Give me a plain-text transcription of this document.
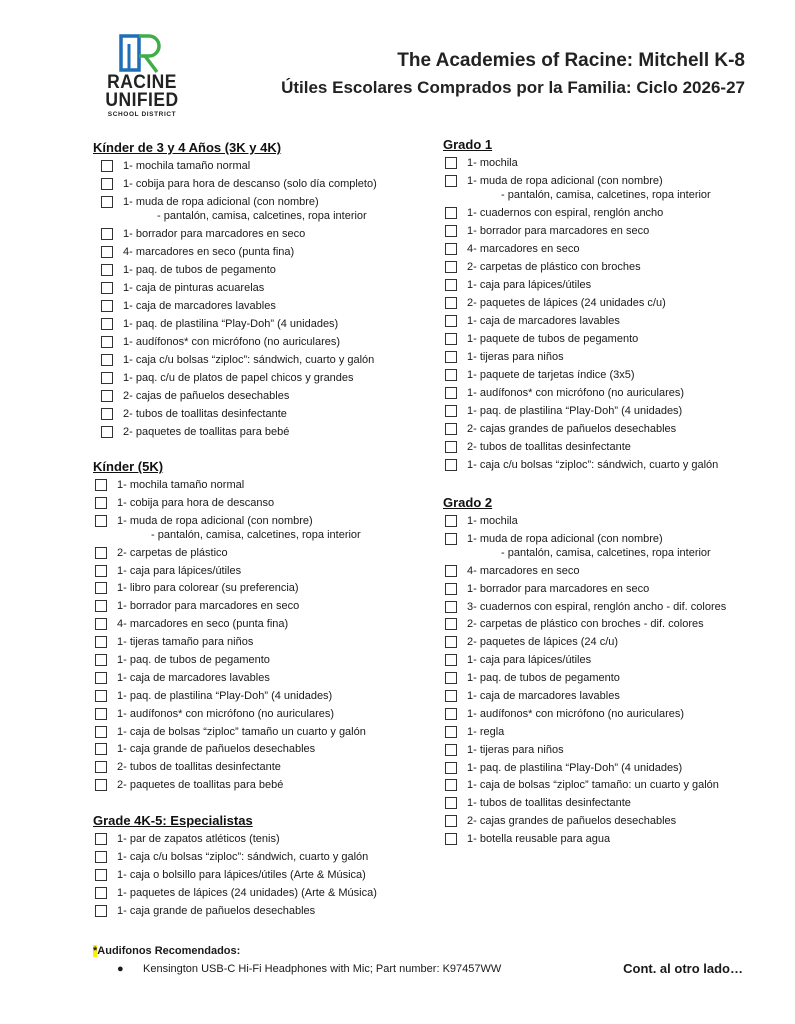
RACINE
UNIFIED
SCHOOL DISTRICT
The Academies of Racine: Mitchell K-8
Útiles Escolares Comprados por la Familia: Ciclo 2026-27
Kínder de 3 y 4 Años (3K y 4K)
1- mochila tamaño normal
1- cobija para hora de descanso (solo día completo)
1- muda de ropa adicional (con nombre)
- pantalón, camisa, calcetines, ropa interior
1- borrador para marcadores en seco
4- marcadores en seco (punta fina)
1- paq. de tubos de pegamento
1- caja de pinturas acuarelas
1- caja de marcadores lavables
1- paq. de plastilina “Play-Doh” (4 unidades)
1- audífonos* con micrófono (no auriculares)
1- caja c/u bolsas “ziploc”: sándwich, cuarto y galón
1- paq. c/u de platos de papel chicos y grandes
2- cajas de pañuelos desechables
2- tubos de toallitas desinfectante
2- paquetes de toallitas para bebé
Kínder (5K)
1- mochila tamaño normal
1- cobija para hora de descanso
1- muda de ropa adicional (con nombre)
- pantalón, camisa, calcetines, ropa interior
2- carpetas de plástico
1- caja para lápices/útiles
1- libro para colorear (su preferencia)
1- borrador para marcadores en seco
4- marcadores en seco (punta fina)
1- tijeras tamaño para niños
1- paq. de tubos de pegamento
1- caja de marcadores lavables
1- paq. de plastilina “Play-Doh” (4 unidades)
1- audífonos* con micrófono (no auriculares)
1- caja de bolsas “ziploc” tamaño un cuarto y galón
1- caja grande de pañuelos desechables
2- tubos de toallitas desinfectante
2- paquetes de toallitas para bebé
Grade 4K-5: Especialistas
1- par de zapatos atléticos (tenis)
1- caja c/u bolsas “ziploc”: sándwich, cuarto y galón
1- caja o bolsillo para lápices/útiles (Arte & Música)
1- paquetes de lápices (24 unidades) (Arte & Música)
1- caja grande de pañuelos desechables
Grado 1
1- mochila
1- muda de ropa adicional (con nombre)
- pantalón, camisa, calcetines, ropa interior
1- cuadernos con espiral, renglón ancho
1- borrador para marcadores en seco
4- marcadores en seco
2- carpetas de plástico con broches
1- caja para lápices/útiles
2- paquetes de lápices (24 unidades c/u)
1- caja de marcadores lavables
1- paquete de tubos de pegamento
1- tijeras para niños
1- paquete de tarjetas índice (3x5)
1- audífonos* con micrófono (no auriculares)
1- paq. de plastilina “Play-Doh” (4 unidades)
2- cajas grandes de pañuelos desechables
2- tubos de toallitas desinfectante
1- caja c/u bolsas “ziploc”: sándwich, cuarto y galón
Grado 2
1- mochila
1- muda de ropa adicional (con nombre)
- pantalón, camisa, calcetines, ropa interior
4- marcadores en seco
1- borrador para marcadores en seco
3- cuadernos con espiral, renglón ancho - dif. colores
2- carpetas de plástico con broches - dif. colores
2- paquetes de lápices (24 c/u)
1- caja para lápices/útiles
1- paq. de tubos de pegamento
1- caja de marcadores lavables
1- audífonos* con micrófono (no auriculares)
1- regla
1- tijeras para niños
1- paq. de plastilina “Play-Doh” (4 unidades)
1- caja de bolsas “ziploc” tamaño: un cuarto y galón
1- tubos de toallitas desinfectante
2- cajas grandes de pañuelos desechables
1- botella reusable para agua
*Audifonos Recomendados:
●	Kensington USB-C Hi-Fi Headphones with Mic; Part number: K97457WW	Cont. al otro lado…
